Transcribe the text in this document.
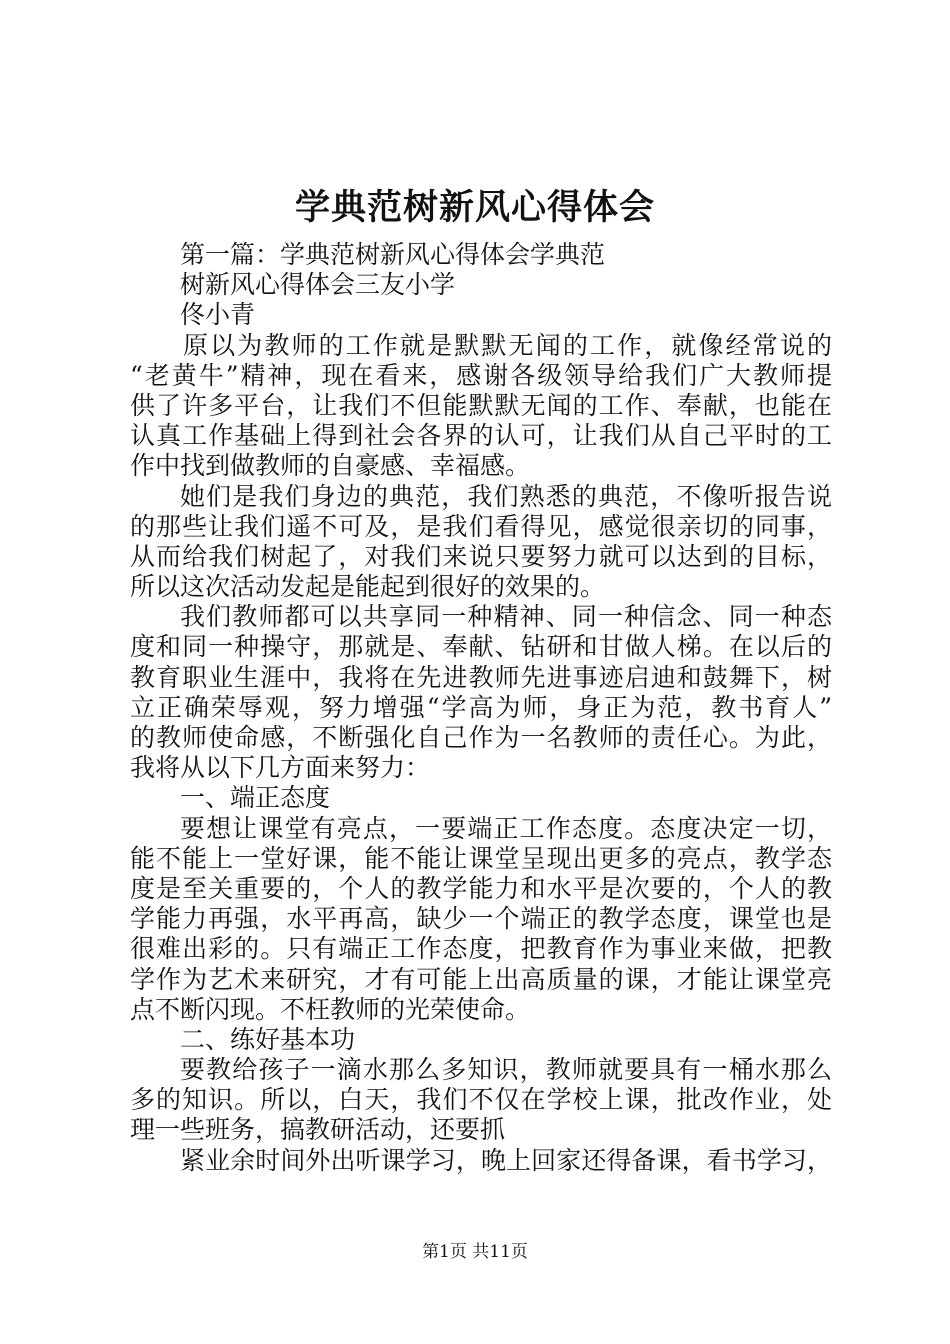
学典范树新风心得体会
第一篇：学典范树新风心得体会学典范
树新风心得体会三友小学
佟小青
原以为教师的工作就是默默无闻的工作，就像经常说的
“老黄牛”精神，现在看来，感谢各级领导给我们广大教师提
供了许多平台，让我们不但能默默无闻的工作、奉献，也能在
认真工作基础上得到社会各界的认可，让我们从自己平时的工
作中找到做教师的自豪感、幸福感。
她们是我们身边的典范，我们熟悉的典范，不像听报告说
的那些让我们遥不可及，是我们看得见，感觉很亲切的同事，
从而给我们树起了，对我们来说只要努力就可以达到的目标，
所以这次活动发起是能起到很好的效果的。
我们教师都可以共享同一种精神、同一种信念、同一种态
度和同一种操守，那就是、奉献、钻研和甘做人梯。在以后的
教育职业生涯中，我将在先进教师先进事迹启迪和鼓舞下，树
立正确荣辱观，努力增强“学高为师，身正为范，教书育人”
的教师使命感，不断强化自己作为一名教师的责任心。为此，
我将从以下几方面来努力：
一、端正态度
要想让课堂有亮点，一要端正工作态度。态度决定一切，
能不能上一堂好课，能不能让课堂呈现出更多的亮点，教学态
度是至关重要的，个人的教学能力和水平是次要的，个人的教
学能力再强，水平再高，缺少一个端正的教学态度，课堂也是
很难出彩的。只有端正工作态度，把教育作为事业来做，把教
学作为艺术来研究，才有可能上出高质量的课，才能让课堂亮
点不断闪现。不枉教师的光荣使命。
二、练好基本功
要教给孩子一滴水那么多知识，教师就要具有一桶水那么
多的知识。所以，白天，我们不仅在学校上课，批改作业，处
理一些班务，搞教研活动，还要抓
紧业余时间外出听课学习，晚上回家还得备课，看书学习，
第1页 共11页
